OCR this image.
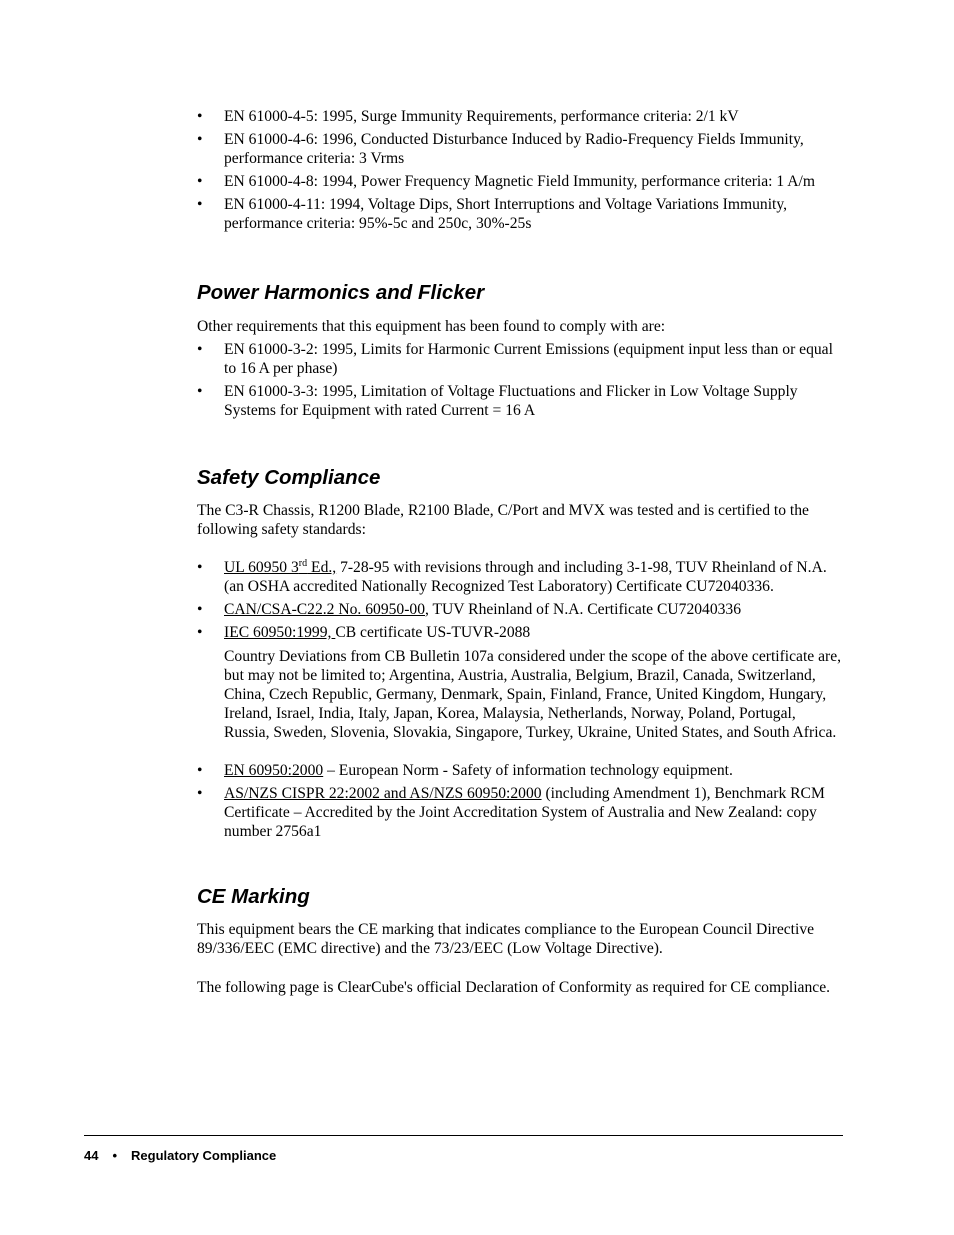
• EN 61000-4-5: 1995, Surge Immunity Requirements, performance criteria: 2/1 kV
• EN 61000-4-6: 1996, Conducted Disturbance Induced by Radio-Frequency Fields Immunity, performance criteria: 3 Vrms
• EN 61000-4-8: 1994, Power Frequency Magnetic Field Immunity, performance criteria: 1 A/m
• EN 61000-4-11: 1994, Voltage Dips, Short Interruptions and Voltage Variations Immunity, performance criteria: 95%-5c and 250c, 30%-25s
Power Harmonics and Flicker

Other requirements that this equipment has been found to comply with are:

• EN 61000-3-2: 1995, Limits for Harmonic Current Emissions (equipment input less than or equal to 16 A per phase)
• EN 61000-3-3: 1995, Limitation of Voltage Fluctuations and Flicker in Low Voltage Supply Systems for Equipment with rated Current = 16 A
Safety Compliance

The C3-R Chassis, R1200 Blade, R2100 Blade, C/Port and MVX was tested and is certified to the following safety standards:

• UL 60950 3rd Ed., 7-28-95 with revisions through and including 3-1-98, TUV Rheinland of N.A. (an OSHA accredited Nationally Recognized Test Laboratory) Certificate CU72040336.
• CAN/CSA-C22.2 No. 60950-00, TUV Rheinland of N.A. Certificate CU72040336
• IEC 60950:1999, CB certificate US-TUVR-2088

Country Deviations from CB Bulletin 107a considered under the scope of the above certificate are, but may not be limited to; Argentina, Austria, Australia, Belgium, Brazil, Canada, Switzerland, China, Czech Republic, Germany, Denmark, Spain, Finland, France, United Kingdom, Hungary, Ireland, Israel, India, Italy, Japan, Korea, Malaysia, Netherlands, Norway, Poland, Portugal, Russia, Sweden, Slovenia, Slovakia, Singapore, Turkey, Ukraine, United States, and South Africa.

• EN 60950:2000 – European Norm - Safety of information technology equipment.
• AS/NZS CISPR 22:2002 and AS/NZS 60950:2000 (including Amendment 1), Benchmark RCM Certificate – Accredited by the Joint Accreditation System of Australia and New Zealand: copy number 2756a1
CE Marking

This equipment bears the CE marking that indicates compliance to the European Council Directive 89/336/EEC (EMC directive) and the 73/23/EEC (Low Voltage Directive).

The following page is ClearCube's official Declaration of Conformity as required for CE compliance.

44 • Regulatory Compliance
